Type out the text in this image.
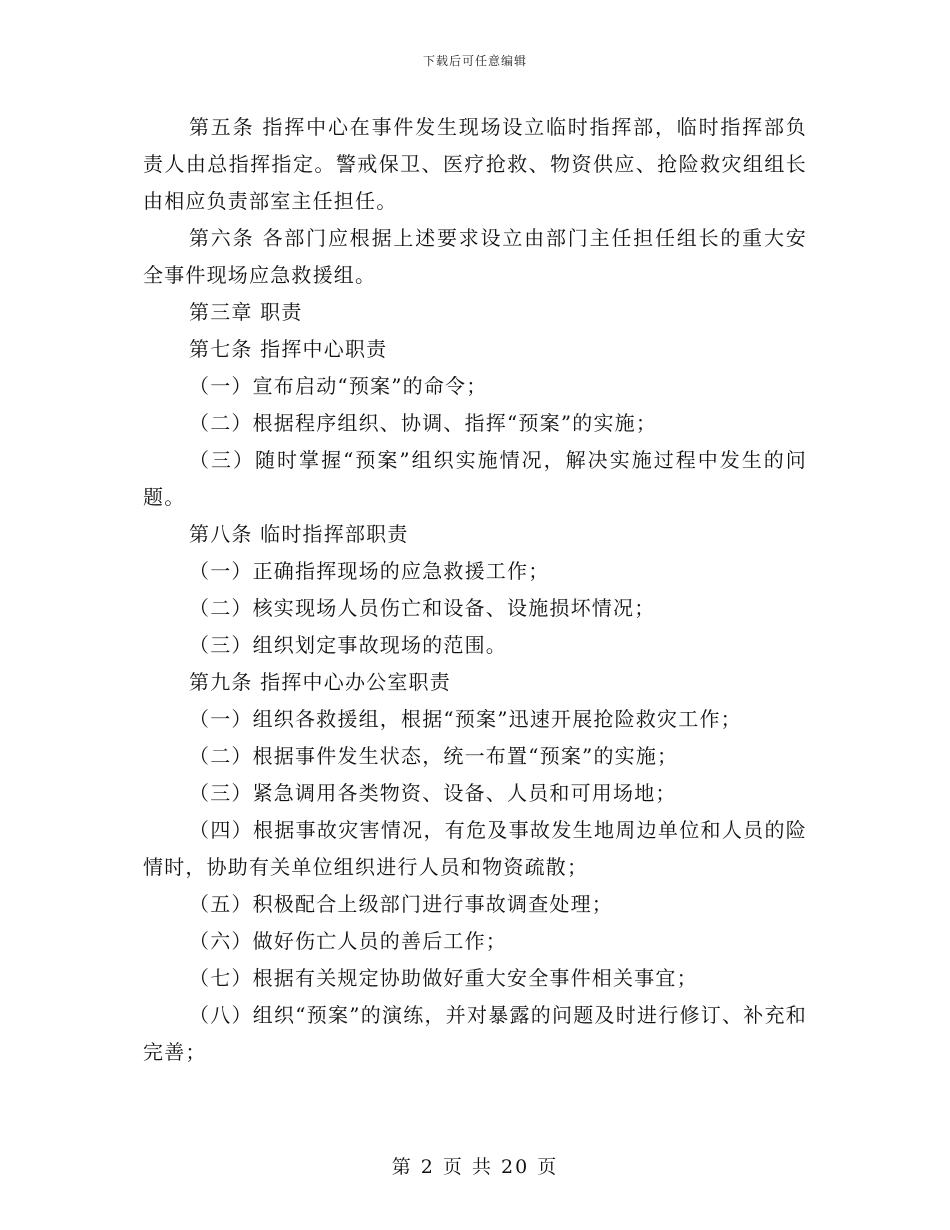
下载后可任意编辑

第五条 指挥中心在事件发生现场设立临时指挥部，临时指挥部负责人由总指挥指定。警戒保卫、医疗抢救、物资供应、抢险救灾组组长由相应负责部室主任担任。

第六条 各部门应根据上述要求设立由部门主任担任组长的重大安全事件现场应急救援组。

第三章 职责

第七条 指挥中心职责

（一）宣布启动“预案”的命令；

（二）根据程序组织、协调、指挥“预案”的实施；

（三）随时掌握“预案”组织实施情况，解决实施过程中发生的问题。

第八条 临时指挥部职责

（一）正确指挥现场的应急救援工作；

（二）核实现场人员伤亡和设备、设施损坏情况；

（三）组织划定事故现场的范围。

第九条 指挥中心办公室职责

（一）组织各救援组，根据“预案”迅速开展抢险救灾工作；

（二）根据事件发生状态，统一布置“预案”的实施；

（三）紧急调用各类物资、设备、人员和可用场地；

（四）根据事故灾害情况，有危及事故发生地周边单位和人员的险情时，协助有关单位组织进行人员和物资疏散；

（五）积极配合上级部门进行事故调查处理；

（六）做好伤亡人员的善后工作；

（七）根据有关规定协助做好重大安全事件相关事宜；

（八）组织“预案”的演练，并对暴露的问题及时进行修订、补充和完善；

第 2 页 共 20 页
